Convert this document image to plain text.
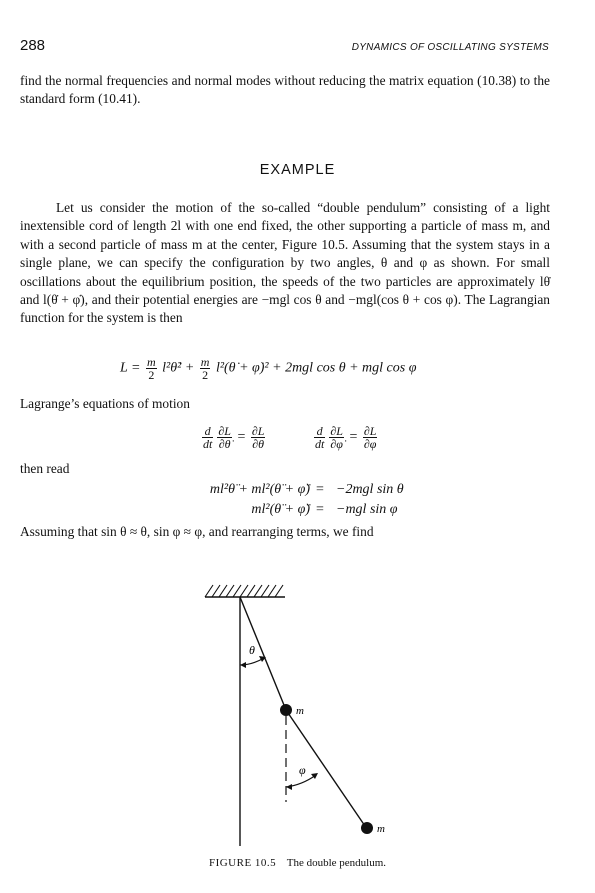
288	DYNAMICS OF OSCILLATING SYSTEMS
find the normal frequencies and normal modes without reducing the matrix equation (10.38) to the standard form (10.41).
EXAMPLE
Let us consider the motion of the so-called “double pendulum” consisting of a light inextensible cord of length 2l with one end fixed, the other supporting a particle of mass m, and with a second particle of mass m at the center, Figure 10.5. Assuming that the system stays in a single plane, we can specify the configuration by two angles, θ and φ as shown. For small oscillations about the equilibrium position, the speeds of the two particles are approximately lθ̇ and l(θ̇ + φ̇), and their potential energies are −mgl cos θ and −mgl(cos θ + cos φ). The Lagrangian function for the system is then
$L = \frac{m}{2}$ l²θ̇² + $\frac{m}{2}$ l²(θ̇ + φ̇)² + 2mgl cos θ + mgl cos φ
Lagrange’s equations of motion
$\frac{d}{dt} \frac{\partial L}{\partial\thetȧ} = \frac{\partial L}{\partial\theta}$	$\frac{d}{dt} \frac{\partial L}{\partial\varphi̇} = \frac{\partial L}{\partial\varphi}$
then read
ml²θ̈ + ml²(θ̈ + φ̈) = −2mgl sin θ
ml²(θ̈ + φ̈) = −mgl sin φ
Assuming that sin θ ≈ θ, sin φ ≈ φ, and rearranging terms, we find
θ
φ
m
m
FIGURE 10.5 The double pendulum.
